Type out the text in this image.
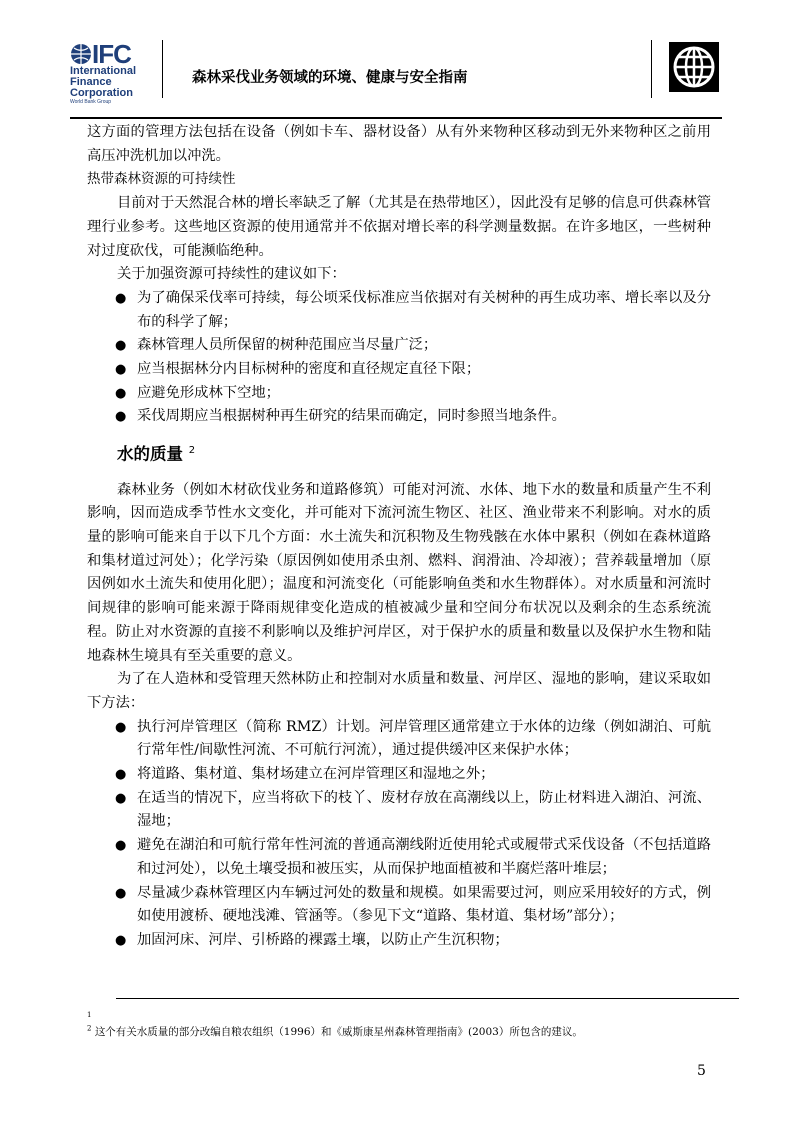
IFC
International
Finance
Corporation
World Bank Group
森林采伐业务领域的环境、健康与安全指南

这方面的管理方法包括在设备（例如卡车、器材设备）从有外来物种区移动到无外来物种区之前用高压冲洗机加以冲洗。

热带森林资源的可持续性

目前对于天然混合林的增长率缺乏了解（尤其是在热带地区），因此没有足够的信息可供森林管理行业参考。这些地区资源的使用通常并不依据对增长率的科学测量数据。在许多地区，一些树种对过度砍伐，可能濒临绝种。

关于加强资源可持续性的建议如下：

● 为了确保采伐率可持续，每公顷采伐标准应当依据对有关树种的再生成功率、增长率以及分布的科学了解；
● 森林管理人员所保留的树种范围应当尽量广泛；
● 应当根据林分内目标树种的密度和直径规定直径下限；
● 应避免形成林下空地；
● 采伐周期应当根据树种再生研究的结果而确定，同时参照当地条件。
水的质量 $^2$

森林业务（例如木材砍伐业务和道路修筑）可能对河流、水体、地下水的数量和质量产生不利影响，因而造成季节性水文变化，并可能对下流河流生物区、社区、渔业带来不利影响。对水的质量的影响可能来自于以下几个方面：水土流失和沉积物及生物残骸在水体中累积（例如在森林道路和集材道过河处）；化学污染（原因例如使用杀虫剂、燃料、润滑油、冷却液）；营养载量增加（原因例如水土流失和使用化肥）；温度和河流变化（可能影响鱼类和水生物群体）。对水质量和河流时间规律的影响可能来源于降雨规律变化造成的植被减少量和空间分布状况以及剩余的生态系统流程。防止对水资源的直接不利影响以及维护河岸区，对于保护水的质量和数量以及保护水生物和陆地森林生境具有至关重要的意义。

为了在人造林和受管理天然林防止和控制对水质量和数量、河岸区、湿地的影响，建议采取如下方法：

● 执行河岸管理区（简称 RMZ）计划。河岸管理区通常建立于水体的边缘（例如湖泊、可航行常年性/间歇性河流、不可航行河流），通过提供缓冲区来保护水体；
● 将道路、集材道、集材场建立在河岸管理区和湿地之外；
● 在适当的情况下，应当将砍下的枝丫、废材存放在高潮线以上，防止材料进入湖泊、河流、湿地；
● 避免在湖泊和可航行常年性河流的普通高潮线附近使用轮式或履带式采伐设备（不包括道路和过河处），以免土壤受损和被压实，从而保护地面植被和半腐烂落叶堆层；
● 尽量减少森林管理区内车辆过河处的数量和规模。如果需要过河，则应采用较好的方式，例如使用渡桥、硬地浅滩、管涵等。（参见下文“道路、集材道、集材场”部分）；
● 加固河床、河岸、引桥路的裸露土壤，以防止产生沉积物；
1
$^2$ 这个有关水质量的部分改编自粮农组织（1996）和《威斯康星州森林管理指南》(2003）所包含的建议。
5
